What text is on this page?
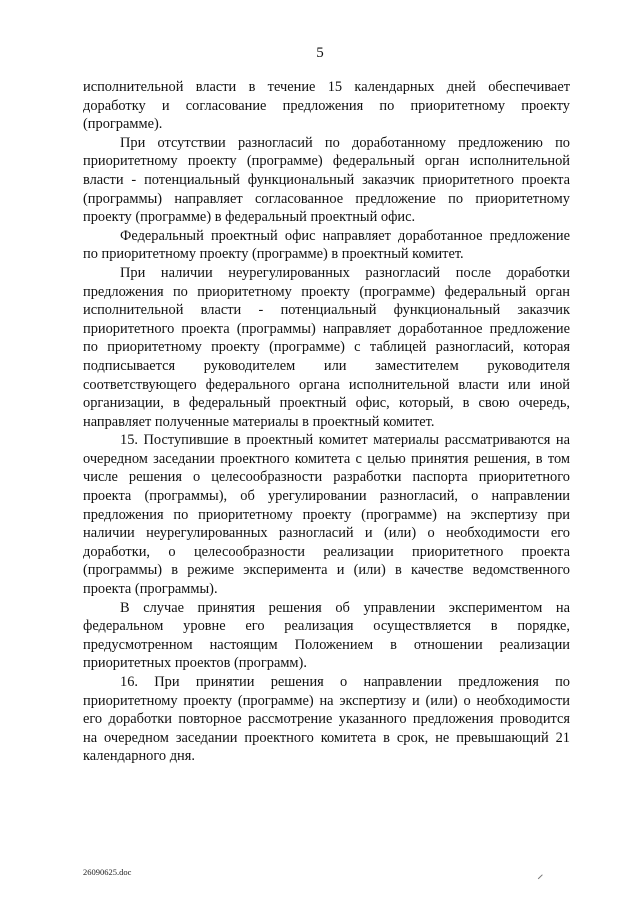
5

исполнительной власти в течение 15 календарных дней обеспечивает доработку и согласование предложения по приоритетному проекту (программе).

При отсутствии разногласий по доработанному предложению по приоритетному проекту (программе) федеральный орган исполнительной власти - потенциальный функциональный заказчик приоритетного проекта (программы) направляет согласованное предложение по приоритетному проекту (программе) в федеральный проектный офис.

Федеральный проектный офис направляет доработанное предложение по приоритетному проекту (программе) в проектный комитет.

При наличии неурегулированных разногласий после доработки предложения по приоритетному проекту (программе) федеральный орган исполнительной власти - потенциальный функциональный заказчик приоритетного проекта (программы) направляет доработанное предложение по приоритетному проекту (программе) с таблицей разногласий, которая подписывается руководителем или заместителем руководителя соответствующего федерального органа исполнительной власти или иной организации, в федеральный проектный офис, который, в свою очередь, направляет полученные материалы в проектный комитет.

15. Поступившие в проектный комитет материалы рассматриваются на очередном заседании проектного комитета с целью принятия решения, в том числе решения о целесообразности разработки паспорта приоритетного проекта (программы), об урегулировании разногласий, о направлении предложения по приоритетному проекту (программе) на экспертизу при наличии неурегулированных разногласий и (или) о необходимости его доработки, о целесообразности реализации приоритетного проекта (программы) в режиме эксперимента и (или) в качестве ведомственного проекта (программы).

В случае принятия решения об управлении экспериментом на федеральном уровне его реализация осуществляется в порядке, предусмотренном настоящим Положением в отношении реализации приоритетных проектов (программ).

16. При принятии решения о направлении предложения по приоритетному проекту (программе) на экспертизу и (или) о необходимости его доработки повторное рассмотрение указанного предложения проводится на очередном заседании проектного комитета в срок, не превышающий 21 календарного дня.

26090625.doc
